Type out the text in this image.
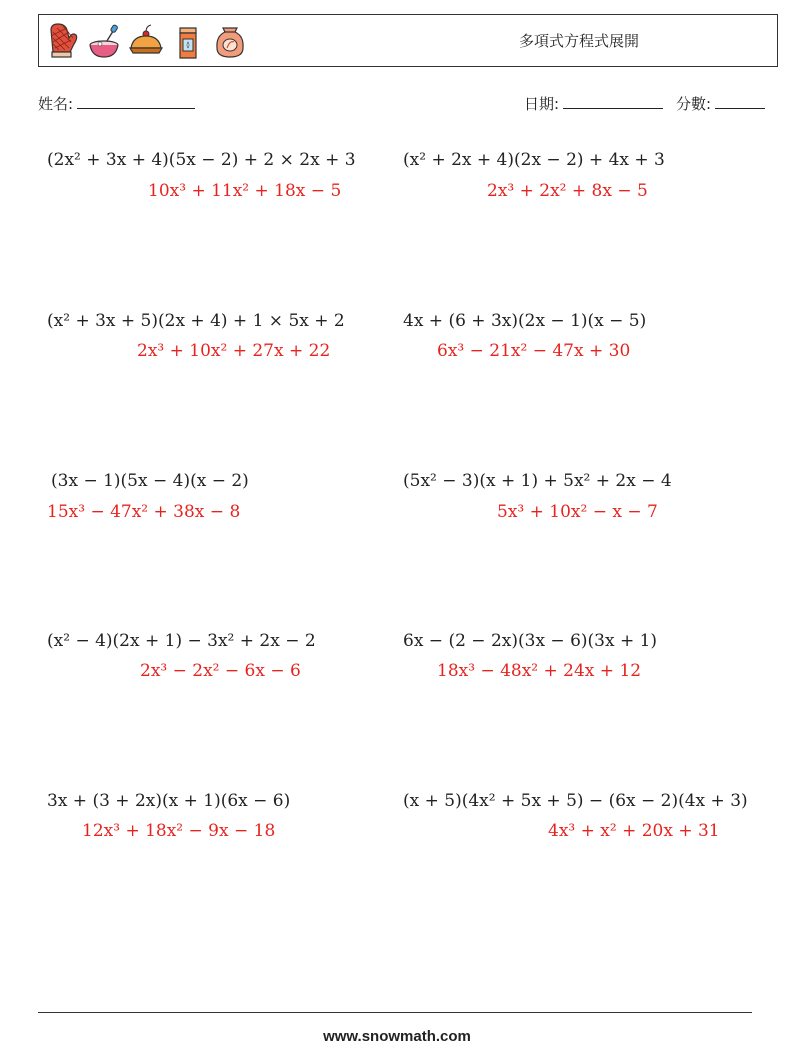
多項式方程式展開
姓名:	日期:	分數:
(2x² + 3x + 4)(5x − 2) + 2 × 2x + 3
10x³ + 11x² + 18x − 5
(x² + 2x + 4)(2x − 2) + 4x + 3
2x³ + 2x² + 8x − 5
(x² + 3x + 5)(2x + 4) + 1 × 5x + 2
2x³ + 10x² + 27x + 22
4x + (6 + 3x)(2x − 1)(x − 5)
6x³ − 21x² − 47x + 30
(3x − 1)(5x − 4)(x − 2)
15x³ − 47x² + 38x − 8
(5x² − 3)(x + 1) + 5x² + 2x − 4
5x³ + 10x² − x − 7
(x² − 4)(2x + 1) − 3x² + 2x − 2
2x³ − 2x² − 6x − 6
6x − (2 − 2x)(3x − 6)(3x + 1)
18x³ − 48x² + 24x + 12
3x + (3 + 2x)(x + 1)(6x − 6)
12x³ + 18x² − 9x − 18
(x + 5)(4x² + 5x + 5) − (6x − 2)(4x + 3)
4x³ + x² + 20x + 31
www.snowmath.com
